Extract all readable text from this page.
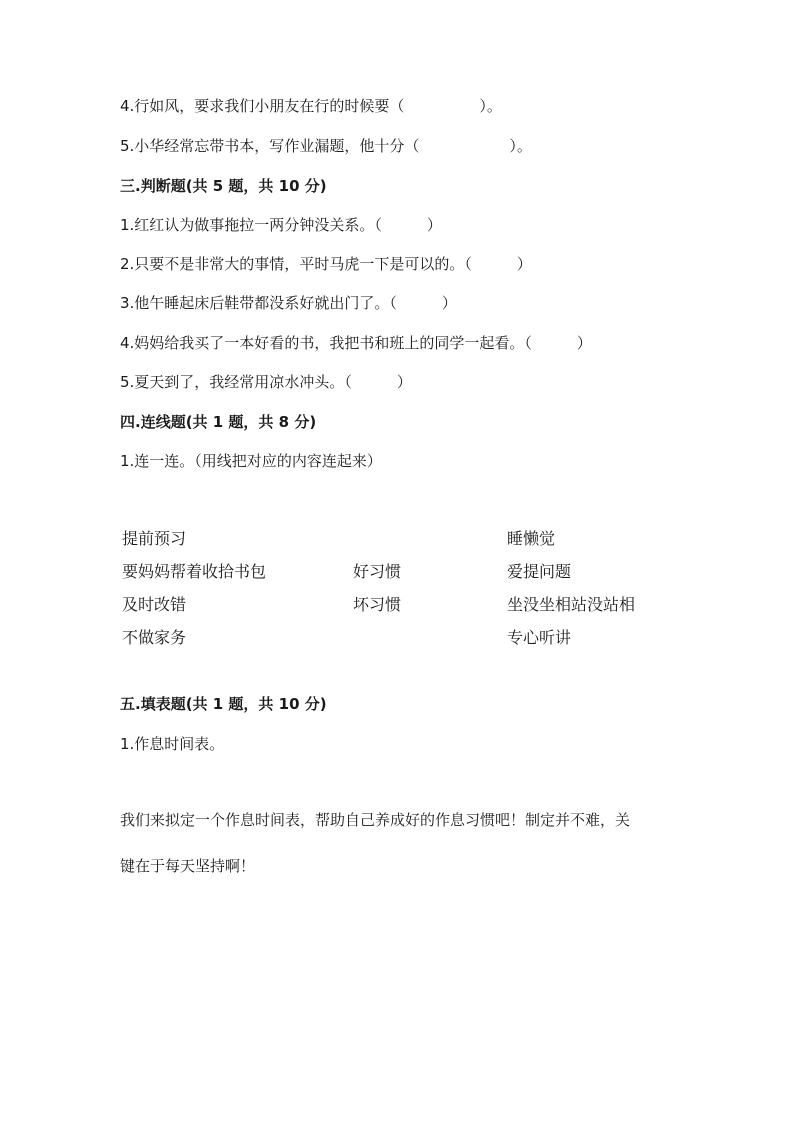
4.行如风，要求我们小朋友在行的时候要（　　　　　）。
5.小华经常忘带书本，写作业漏题，他十分（　　　　　　）。
三.判断题(共 5 题，共 10 分)
1.红红认为做事拖拉一两分钟没关系。（　　　）
2.只要不是非常大的事情，平时马虎一下是可以的。（　　　）
3.他午睡起床后鞋带都没系好就出门了。（　　　）
4.妈妈给我买了一本好看的书，我把书和班上的同学一起看。（　　　）
5.夏天到了，我经常用凉水冲头。（　　　）
四.连线题(共 1 题，共 8 分)
1.连一连。（用线把对应的内容连起来）
提前预习
要妈妈帮着收拾书包
及时改错
不做家务
好习惯
坏习惯
睡懒觉
爱提问题
坐没坐相站没站相
专心听讲
五.填表题(共 1 题，共 10 分)
1.作息时间表。
我们来拟定一个作息时间表，帮助自己养成好的作息习惯吧！制定并不难，关
键在于每天坚持啊！
